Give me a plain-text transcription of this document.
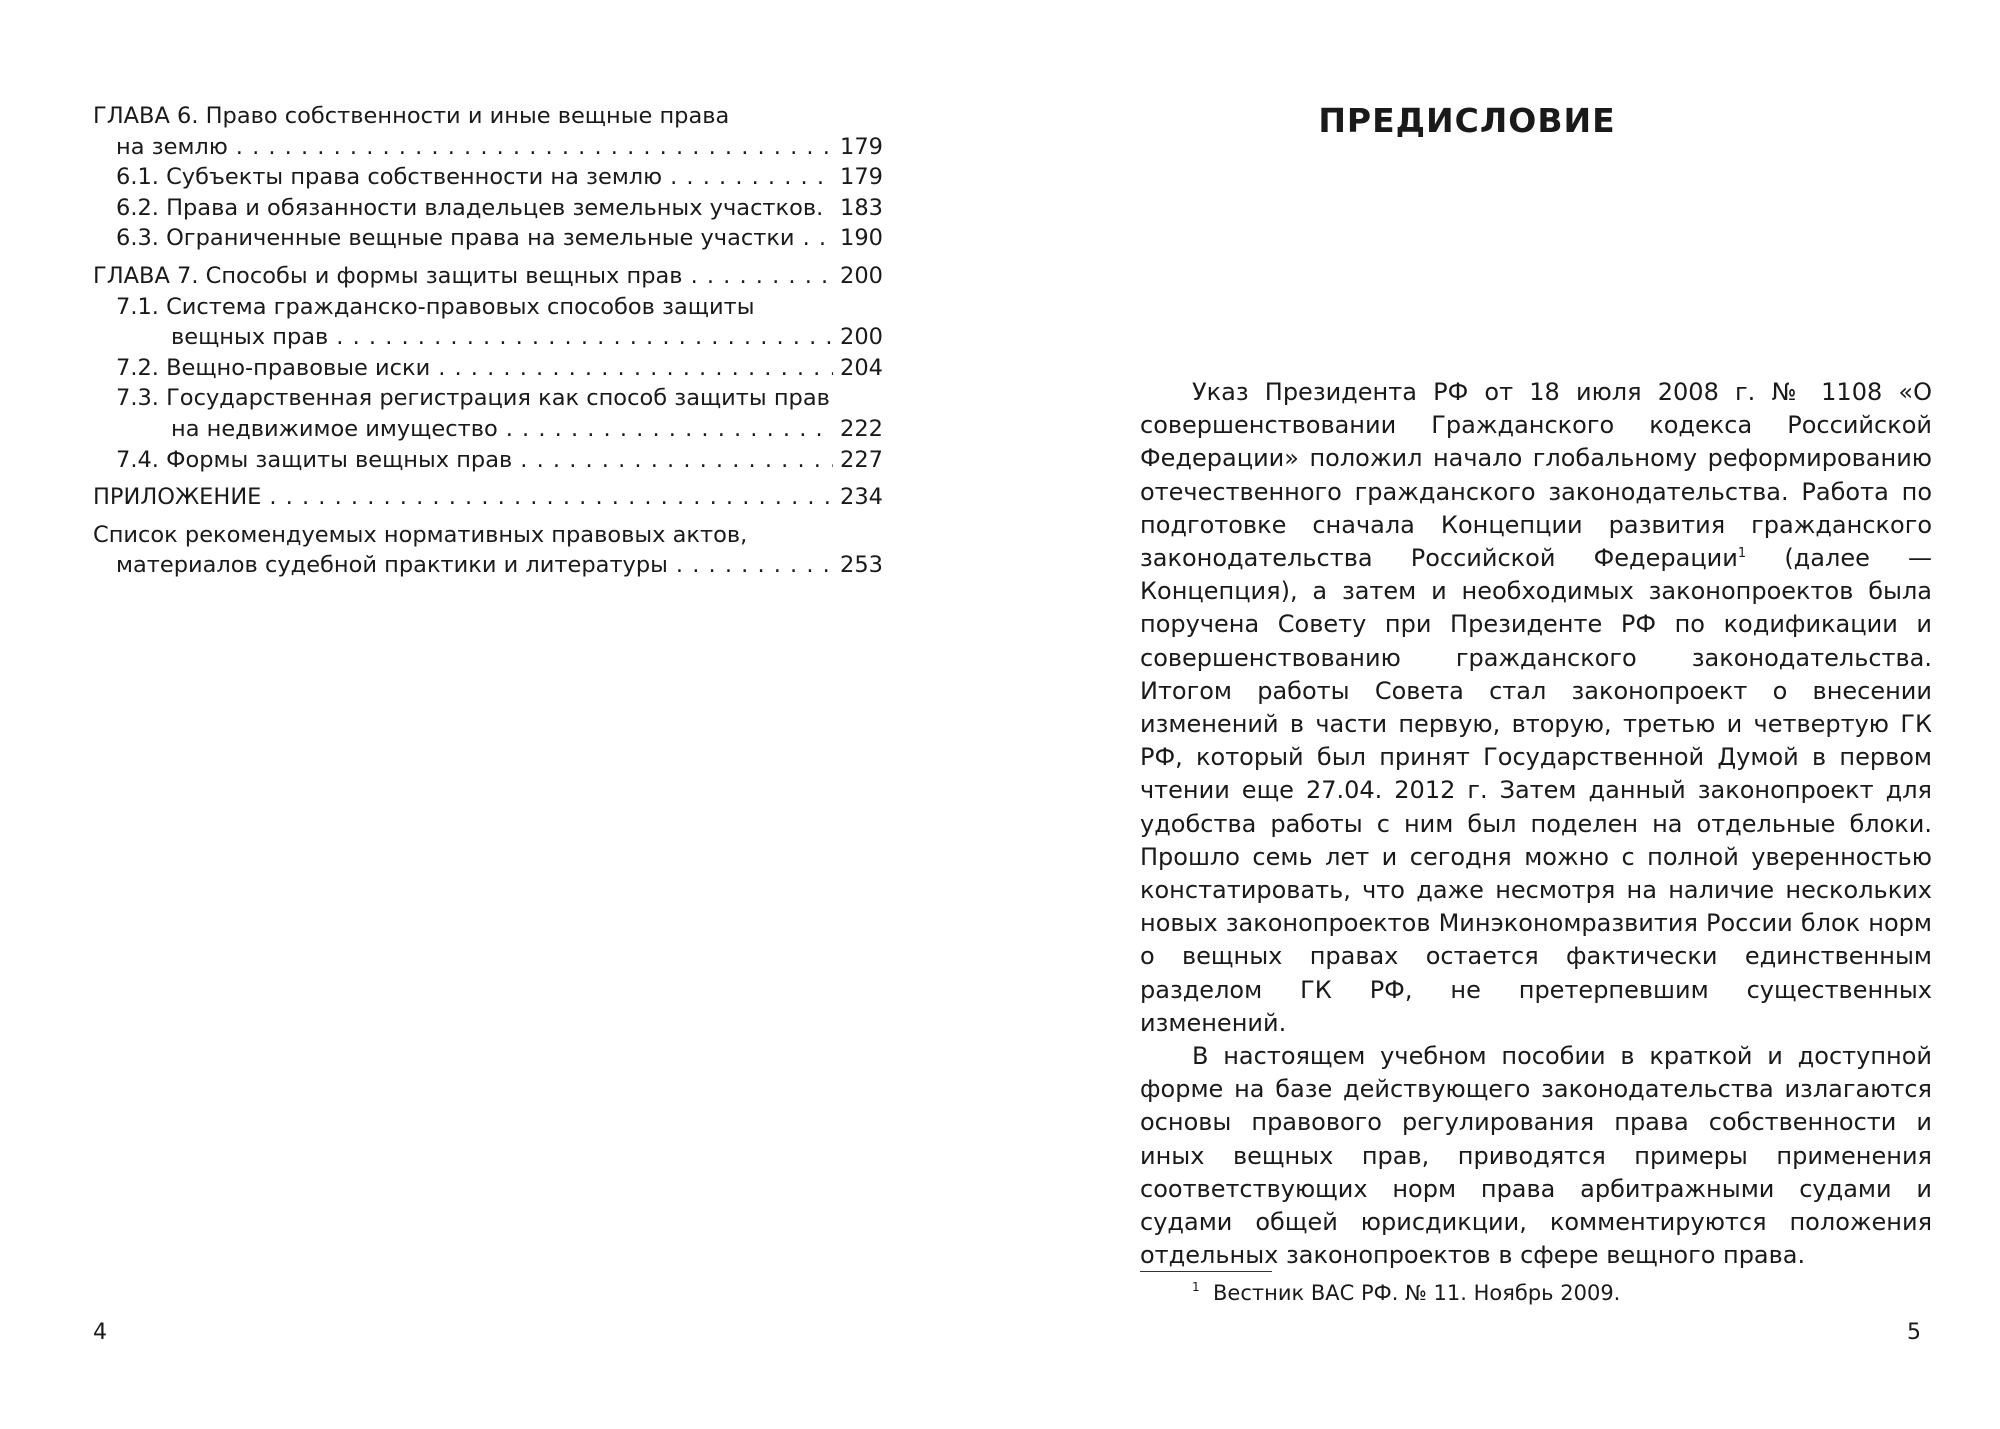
ГЛАВА 6. Право собственности и иные вещные права
на землю . . .	179
6.1. Субъекты права собственности на землю . . .	179
6.2. Права и обязанности владельцев земельных участков. . . . 183
6.3. Ограниченные вещные права на земельные участки . . . 190
ГЛАВА 7. Способы и формы защиты вещных прав . . .	200
7.1. Система гражданско-правовых способов защиты
вещных прав . . .	200
7.2. Вещно-правовые иски . . .	204
7.3. Государственная регистрация как способ защиты прав
на недвижимое имущество . . .	222
7.4. Формы защиты вещных прав . . .	227
ПРИЛОЖЕНИЕ . . .	234
Список рекомендуемых нормативных правовых актов,
материалов судебной практики и литературы . . .	253
4
ПРЕДИСЛОВИЕ

Указ Президента РФ от 18 июля 2008 г. № 1108 «О совершенствовании Гражданского кодекса Российской Федерации» положил начало глобальному реформированию отечественного гражданского законодательства. Работа по подготовке сначала Концепции развития гражданского законодательства Российской Федерации$^1$ (далее — Концепция), а затем и необходимых законопроектов была поручена Совету при Президенте РФ по кодификации и совершенствованию гражданского законодательства. Итогом работы Совета стал законопроект о внесении изменений в части первую, вторую, третью и четвертую ГК РФ, который был принят Государственной Думой в первом чтении еще 27.04. 2012 г. Затем данный законопроект для удобства работы с ним был поделен на отдельные блоки. Прошло семь лет и сегодня можно с полной уверенностью констатировать, что даже несмотря на наличие нескольких новых законопроектов Минэкономразвития России блок норм о вещных правах остается фактически единственным разделом ГК РФ, не претерпевшим существенных изменений.

В настоящем учебном пособии в краткой и доступной форме на базе действующего законодательства излагаются основы правового регулирования права собственности и иных вещных прав, приводятся примеры применения соответствующих норм права арбитражными судами и судами общей юрисдикции, комментируются положения отдельных законопроектов в сфере вещного права.

$^1$ Вестник ВАС РФ. № 11. Ноябрь 2009.
5
